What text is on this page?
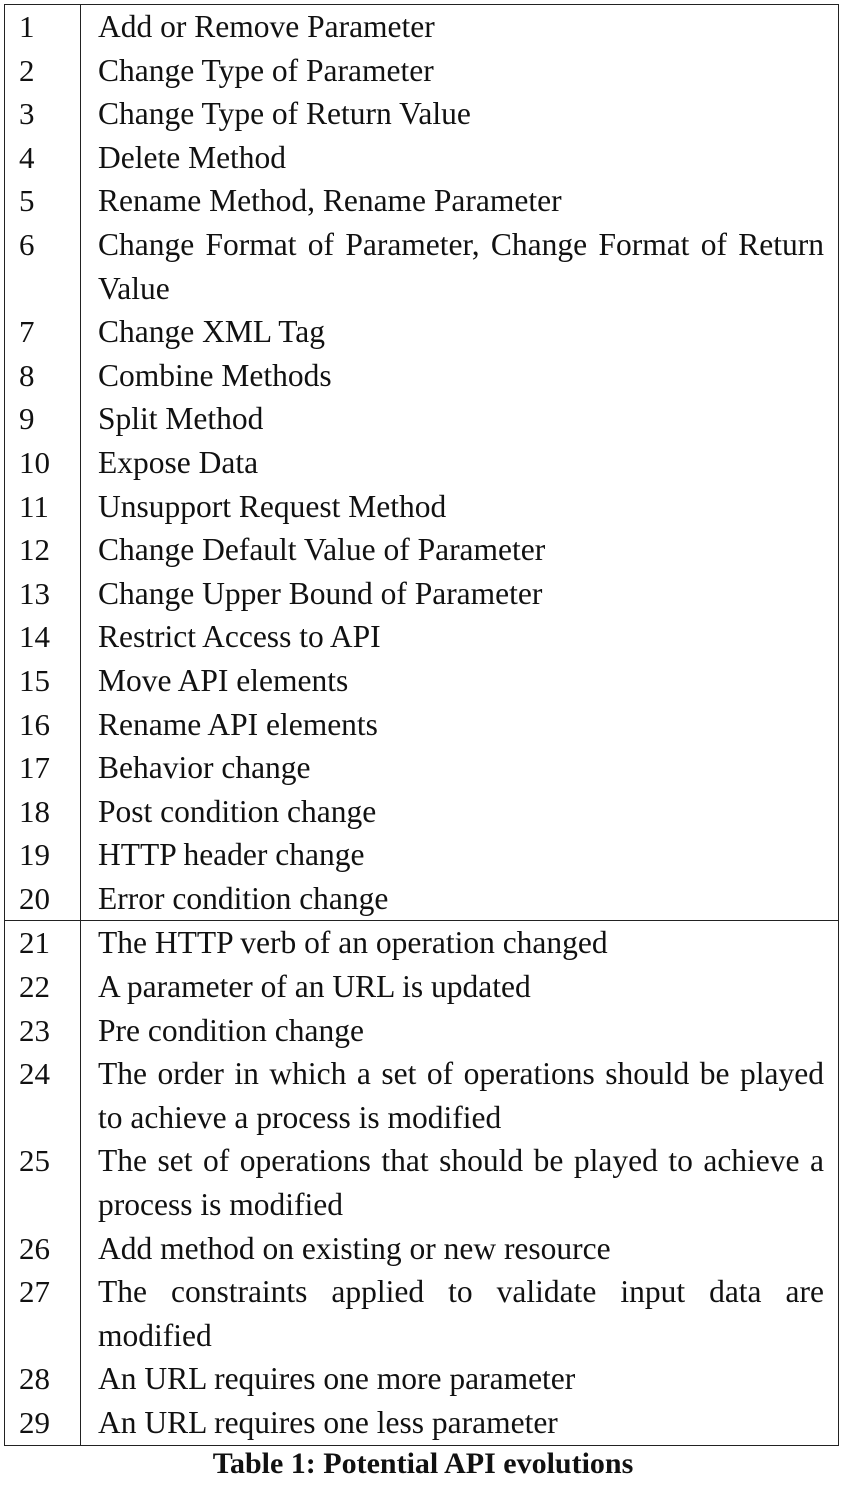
1	Add or Remove Parameter
2	Change Type of Parameter
3	Change Type of Return Value
4	Delete Method
5	Rename Method, Rename Parameter
6	Change Format of Parameter, Change Format of Return Value
7	Change XML Tag
8	Combine Methods
9	Split Method
10	Expose Data
11	Unsupport Request Method
12	Change Default Value of Parameter
13	Change Upper Bound of Parameter
14	Restrict Access to API
15	Move API elements
16	Rename API elements
17	Behavior change
18	Post condition change
19	HTTP header change
20	Error condition change
21	The HTTP verb of an operation changed
22	A parameter of an URL is updated
23	Pre condition change
24	The order in which a set of operations should be played to achieve a process is modified
25	The set of operations that should be played to achieve a process is modified
26	Add method on existing or new resource
27	The constraints applied to validate input data are modified
28	An URL requires one more parameter
29	An URL requires one less parameter
Table 1: Potential API evolutions
